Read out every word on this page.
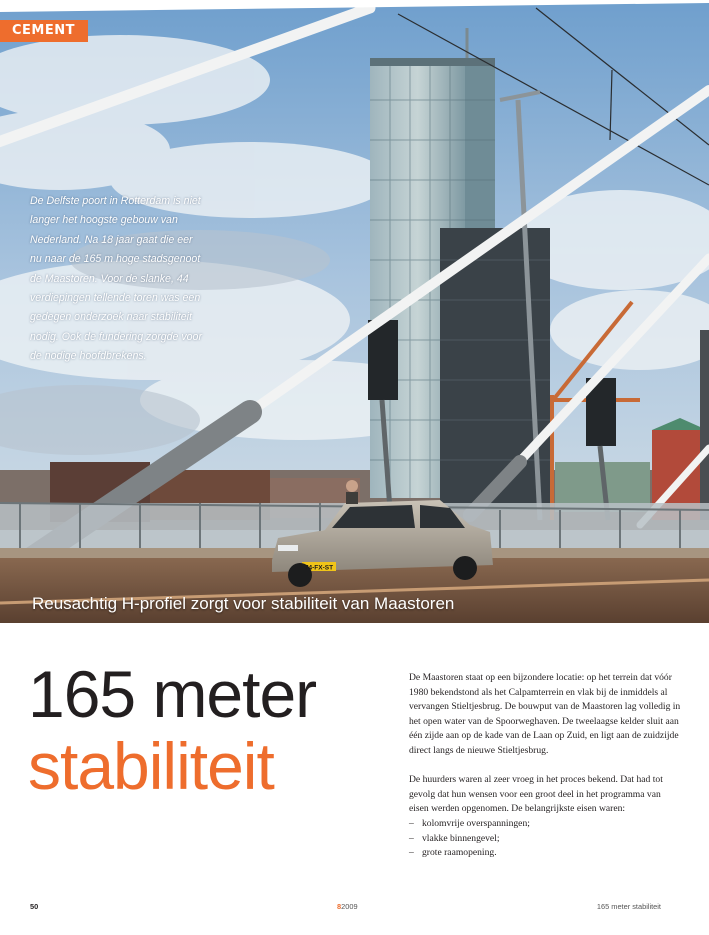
74-FX-ST
CEMENT
De Delfste poort in Rotterdam is niet langer het hoogste gebouw van Nederland. Na 18 jaar gaat die eer nu naar de 165 m hoge stadsgenoot de Maastoren. Voor de slanke, 44 verdiepingen tellende toren was een gedegen onderzoek naar stabiliteit nodig. Ook de fundering zorgde voor de nodige hoofdbrekens.
Reusachtig H-profiel zorgt voor stabiliteit van Maastoren
165 meter
stabiliteit

De Maastoren staat op een bijzondere locatie: op het terrein dat vóór 1980 bekendstond als het Calpamterrein en vlak bij de inmiddels al vervangen Stieltjesbrug. De bouwput van de Maastoren lag volledig in het open water van de Spoorweghaven. De tweelaagse kelder sluit aan één zijde aan op de kade van de Laan op Zuid, en ligt aan de zuidzijde direct langs de nieuwe Stieltjesbrug.

De huurders waren al zeer vroeg in het proces bekend. Dat had tot gevolg dat hun wensen voor een groot deel in het programma van eisen werden opgenomen. De belangrijkste eisen waren:

– kolomvrije overspanningen;
– vlakke binnengevel;
– grote raamopening.
50	82009	165 meter stabiliteit
